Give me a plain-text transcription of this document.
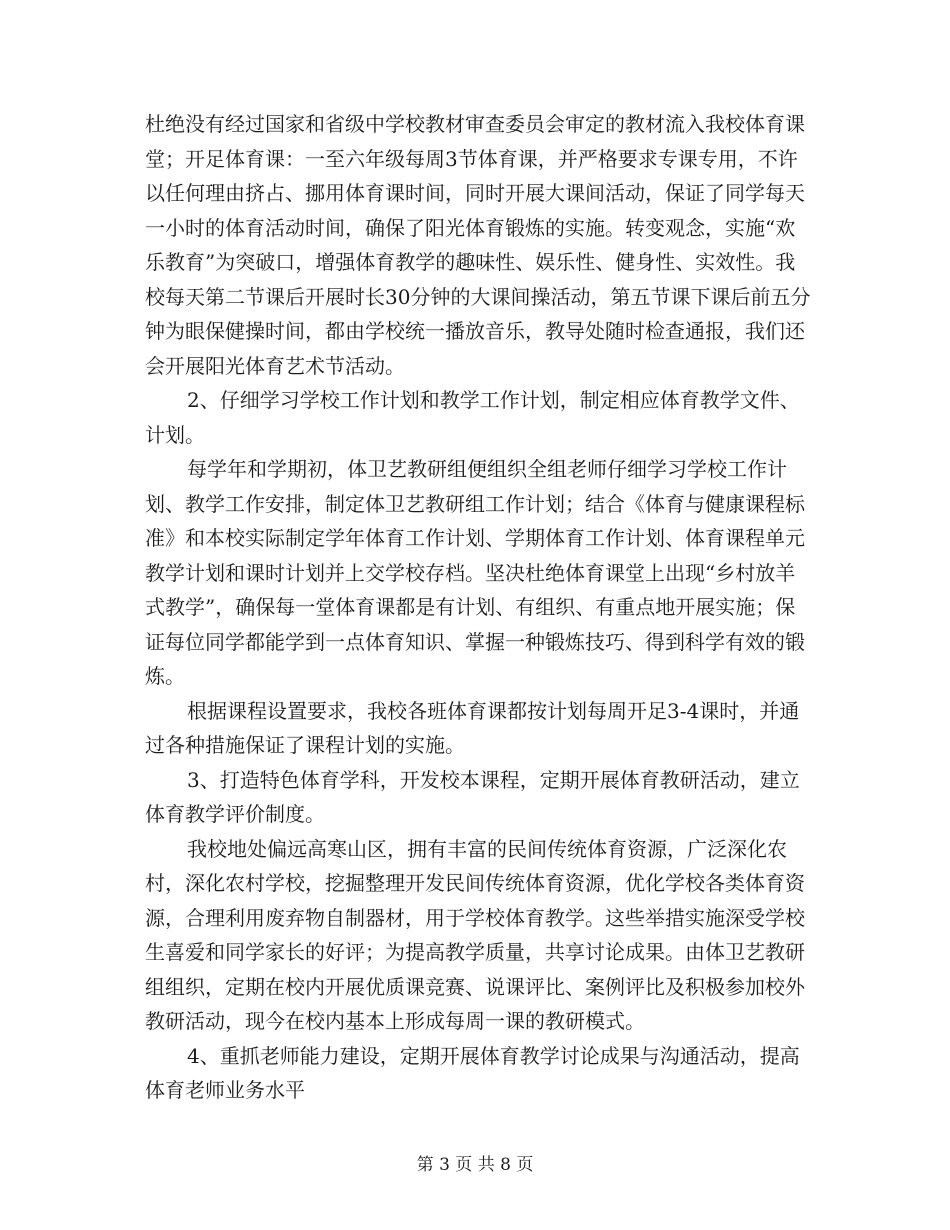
杜绝没有经过国家和省级中学校教材审查委员会审定的教材流入我校体育课堂；开足体育课：一至六年级每周3节体育课，并严格要求专课专用，不许以任何理由挤占、挪用体育课时间，同时开展大课间活动，保证了同学每天一小时的体育活动时间，确保了阳光体育锻炼的实施。转变观念，实施“欢乐教育”为突破口，增强体育教学的趣味性、娱乐性、健身性、实效性。我校每天第二节课后开展时长30分钟的大课间操活动，第五节课下课后前五分钟为眼保健操时间，都由学校统一播放音乐，教导处随时检查通报，我们还会开展阳光体育艺术节活动。

2、仔细学习学校工作计划和教学工作计划，制定相应体育教学文件、计划。

每学年和学期初，体卫艺教研组便组织全组老师仔细学习学校工作计划、教学工作安排，制定体卫艺教研组工作计划；结合《体育与健康课程标准》和本校实际制定学年体育工作计划、学期体育工作计划、体育课程单元教学计划和课时计划并上交学校存档。坚决杜绝体育课堂上出现“乡村放羊式教学”，确保每一堂体育课都是有计划、有组织、有重点地开展实施；保证每位同学都能学到一点体育知识、掌握一种锻炼技巧、得到科学有效的锻炼。

根据课程设置要求，我校各班体育课都按计划每周开足3-4课时，并通过各种措施保证了课程计划的实施。

3、打造特色体育学科，开发校本课程，定期开展体育教研活动，建立体育教学评价制度。

我校地处偏远高寒山区，拥有丰富的民间传统体育资源，广泛深化农村，深化农村学校，挖掘整理开发民间传统体育资源，优化学校各类体育资源，合理利用废弃物自制器材，用于学校体育教学。这些举措实施深受学校生喜爱和同学家长的好评；为提高教学质量，共享讨论成果。由体卫艺教研组组织，定期在校内开展优质课竞赛、说课评比、案例评比及积极参加校外教研活动，现今在校内基本上形成每周一课的教研模式。

4、重抓老师能力建设，定期开展体育教学讨论成果与沟通活动，提高体育老师业务水平

第 3 页 共 8 页
